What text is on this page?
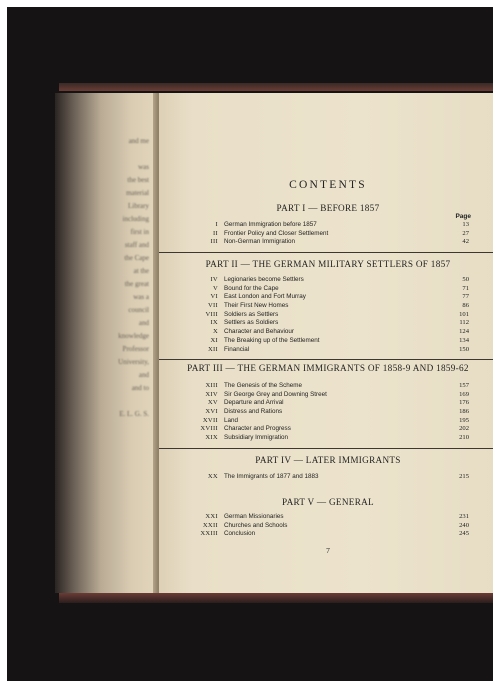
and me

was
the best
material
Library
including
first in
staff and
the Cape
at the
the great
was a
council
and
knowledge
Professor
University,
and
and to

E. L. G. S.
CONTENTS
Page
PART I — BEFORE 1857
I German Immigration before 1857	13
II Frontier Policy and Closer Settlement	27
III Non-German Immigration	42
PART II — THE GERMAN MILITARY SETTLERS OF 1857
IV Legionaries become Settlers	50
V Bound for the Cape	71
VI East London and Fort Murray	77
VII Their First New Homes	86
VIII Soldiers as Settlers	101
IX Settlers as Soldiers	112
X Character and Behaviour	124
XI The Breaking up of the Settlement	134
XII Financial	150
PART III — THE GERMAN IMMIGRANTS OF 1858-9 AND 1859-62
XIII The Genesis of the Scheme	157
XIV Sir George Grey and Downing Street	169
XV Departure and Arrival	176
XVI Distress and Rations	186
XVII Land	195
XVIII Character and Progress	202
XIX Subsidiary Immigration	210
PART IV — LATER IMMIGRANTS
XX The Immigrants of 1877 and 1883	215
PART V — GENERAL
XXI German Missionaries	231
XXII Churches and Schools	240
XXIII Conclusion	245
7
